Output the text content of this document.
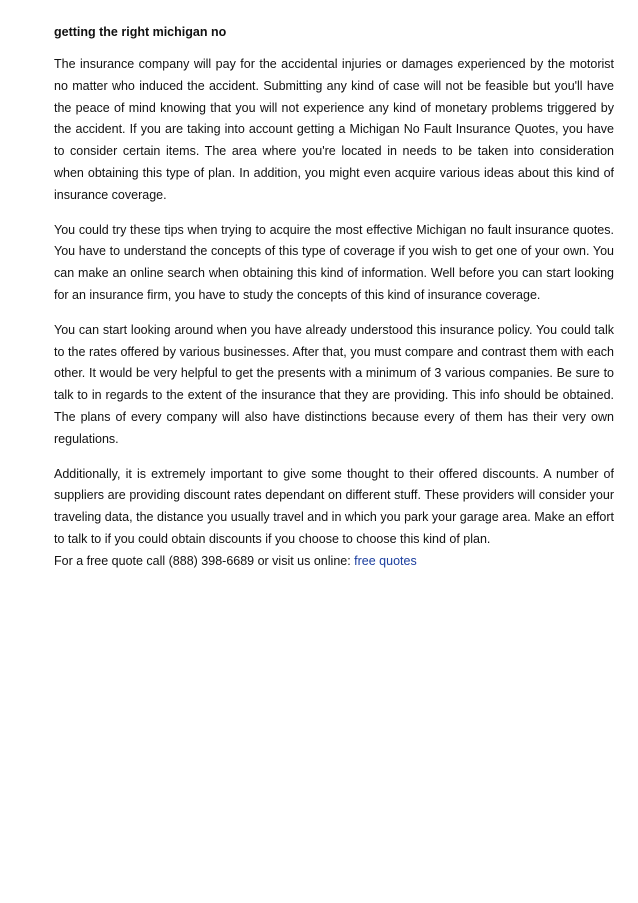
getting the right michigan no

The insurance company will pay for the accidental injuries or damages experienced by the motorist no matter who induced the accident. Submitting any kind of case will not be feasible but you'll have the peace of mind knowing that you will not experience any kind of monetary problems triggered by the accident. If you are taking into account getting a Michigan No Fault Insurance Quotes, you have to consider certain items. The area where you're located in needs to be taken into consideration when obtaining this type of plan. In addition, you might even acquire various ideas about this kind of insurance coverage.

You could try these tips when trying to acquire the most effective Michigan no fault insurance quotes. You have to understand the concepts of this type of coverage if you wish to get one of your own. You can make an online search when obtaining this kind of information. Well before you can start looking for an insurance firm, you have to study the concepts of this kind of insurance coverage.

You can start looking around when you have already understood this insurance policy. You could talk to the rates offered by various businesses. After that, you must compare and contrast them with each other. It would be very helpful to get the presents with a minimum of 3 various companies. Be sure to talk to in regards to the extent of the insurance that they are providing. This info should be obtained. The plans of every company will also have distinctions because every of them has their very own regulations.

Additionally, it is extremely important to give some thought to their offered discounts. A number of suppliers are providing discount rates dependant on different stuff. These providers will consider your traveling data, the distance you usually travel and in which you park your garage area. Make an effort to talk to if you could obtain discounts if you choose to choose this kind of plan.

For a free quote call (888) 398-6689 or visit us online: free quotes
